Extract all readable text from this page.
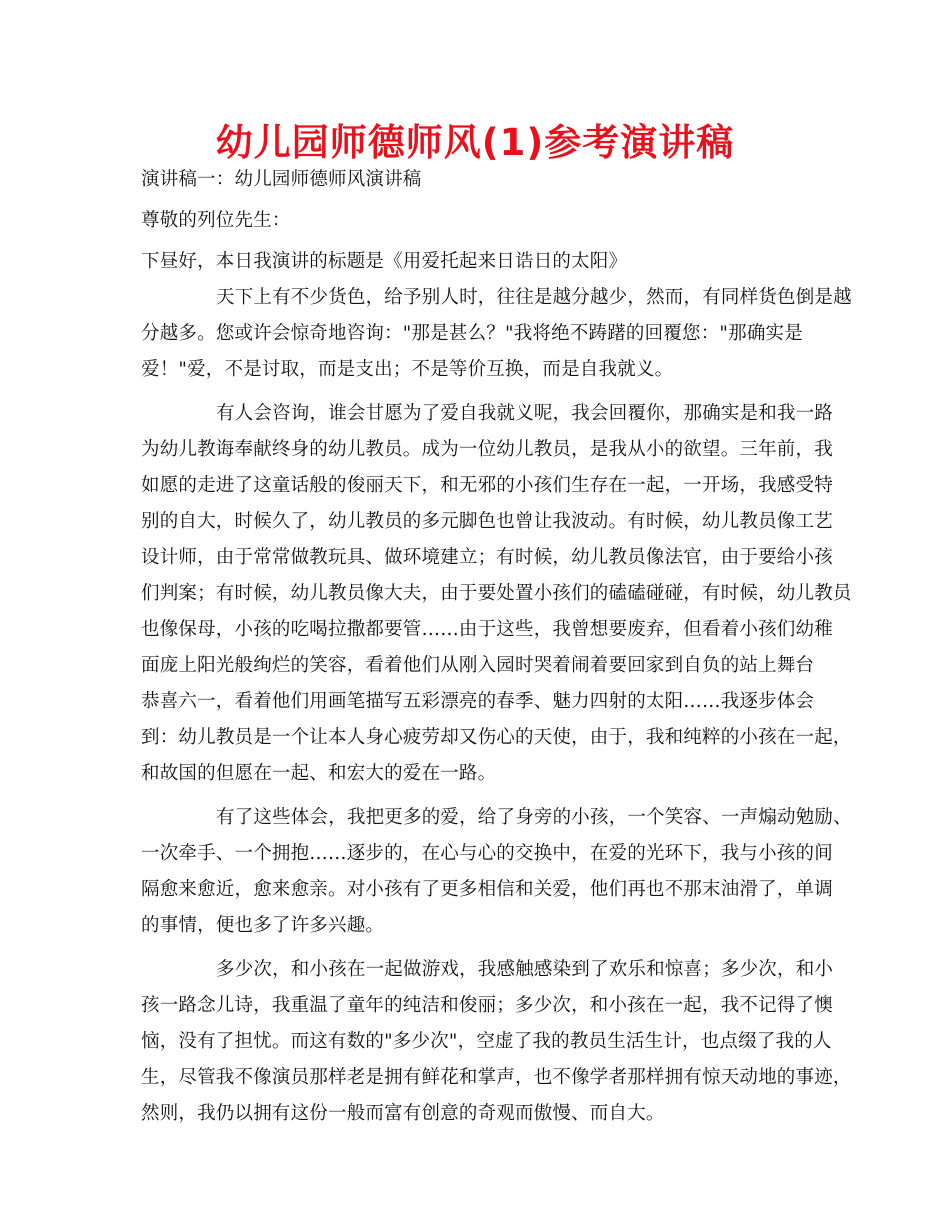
幼儿园师德师风(1)参考演讲稿
演讲稿一：幼儿园师德师风演讲稿
尊敬的列位先生：
下昼好，本日我演讲的标题是《用爱托起来日诰日的太阳》
天下上有不少货色，给予别人时，往往是越分越少，然而，有同样货色倒是越
分越多。您或许会惊奇地咨询："那是甚么？"我将绝不踌躇的回覆您："那确实是
爱！"爱，不是讨取，而是支出；不是等价互换，而是自我就义。
有人会咨询，谁会甘愿为了爱自我就义呢，我会回覆你，那确实是和我一路
为幼儿教诲奉献终身的幼儿教员。成为一位幼儿教员，是我从小的欲望。三年前，我
如愿的走进了这童话般的俊丽天下，和无邪的小孩们生存在一起，一开场，我感受特
别的自大，时候久了，幼儿教员的多元脚色也曾让我波动。有时候，幼儿教员像工艺
设计师，由于常常做教玩具、做环境建立；有时候，幼儿教员像法官，由于要给小孩
们判案；有时候，幼儿教员像大夫，由于要处置小孩们的磕磕碰碰，有时候，幼儿教员
也像保母，小孩的吃喝拉撒都要管……由于这些，我曾想要废弃，但看着小孩们幼稚
面庞上阳光般绚烂的笑容，看着他们从刚入园时哭着闹着要回家到自负的站上舞台
恭喜六一，看着他们用画笔描写五彩漂亮的春季、魅力四射的太阳……我逐步体会
到：幼儿教员是一个让本人身心疲劳却又伤心的天使，由于，我和纯粹的小孩在一起，
和故国的但愿在一起、和宏大的爱在一路。
有了这些体会，我把更多的爱，给了身旁的小孩，一个笑容、一声煽动勉励、
一次牵手、一个拥抱……逐步的，在心与心的交换中，在爱的光环下，我与小孩的间
隔愈来愈近，愈来愈亲。对小孩有了更多相信和关爱，他们再也不那末油滑了，单调
的事情，便也多了许多兴趣。
多少次，和小孩在一起做游戏，我感触感染到了欢乐和惊喜；多少次，和小
孩一路念儿诗，我重温了童年的纯洁和俊丽；多少次，和小孩在一起，我不记得了懊
恼，没有了担忧。而这有数的"多少次"，空虚了我的教员生活生计，也点缀了我的人
生，尽管我不像演员那样老是拥有鲜花和掌声，也不像学者那样拥有惊天动地的事迹，
然则，我仍以拥有这份一般而富有创意的奇观而傲慢、而自大。
